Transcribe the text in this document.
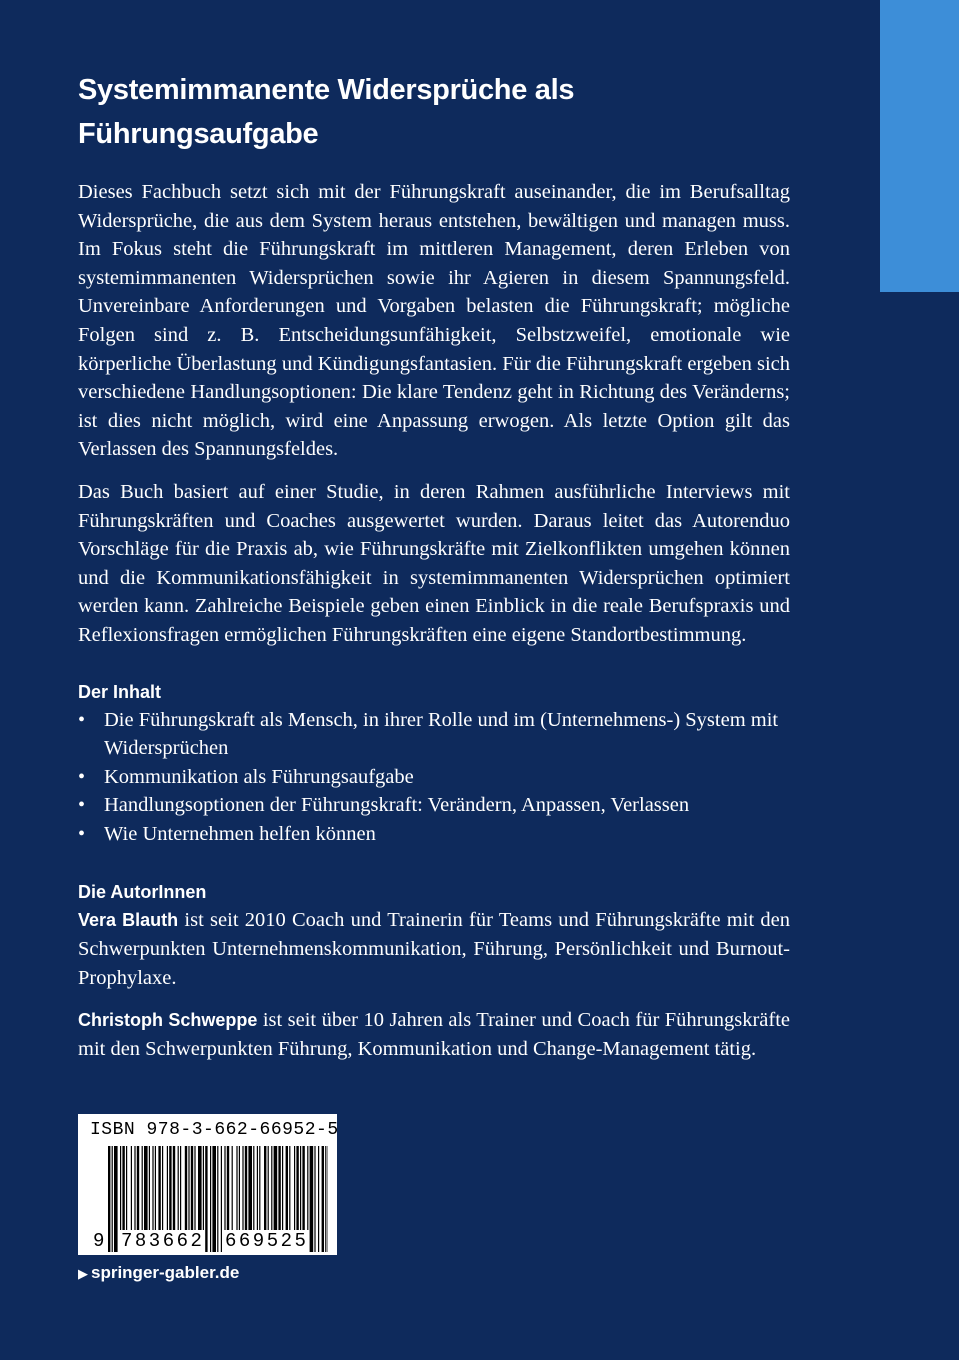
Systemimmanente Widersprüche als Führungsaufgabe

Dieses Fachbuch setzt sich mit der Führungskraft auseinander, die im Berufsalltag Widersprüche, die aus dem System heraus entstehen, bewältigen und managen muss. Im Fokus steht die Führungskraft im mittleren Management, deren Erleben von systemimmanenten Widersprüchen sowie ihr Agieren in diesem Spannungsfeld. Unvereinbare Anforderungen und Vorgaben belasten die Führungskraft; mögliche Folgen sind z. B. Entscheidungsunfähigkeit, Selbstzweifel, emotionale wie körperliche Überlastung und Kündigungsfantasien. Für die Führungskraft ergeben sich verschiedene Handlungsoptionen: Die klare Tendenz geht in Richtung des Veränderns; ist dies nicht möglich, wird eine Anpassung erwogen. Als letzte Option gilt das Verlassen des Spannungsfeldes.

Das Buch basiert auf einer Studie, in deren Rahmen ausführliche Interviews mit Führungskräften und Coaches ausgewertet wurden. Daraus leitet das Autorenduo Vorschläge für die Praxis ab, wie Führungskräfte mit Zielkonflikten umgehen können und die Kommunikationsfähigkeit in systemimmanenten Widersprüchen optimiert werden kann. Zahlreiche Beispiele geben einen Einblick in die reale Berufspraxis und Reflexionsfragen ermöglichen Führungskräften eine eigene Standortbestimmung.

Der Inhalt
• Die Führungskraft als Mensch, in ihrer Rolle und im (Unternehmens-) System mit Widersprüchen
• Kommunikation als Führungsaufgabe
• Handlungsoptionen der Führungskraft: Verändern, Anpassen, Verlassen
• Wie Unternehmen helfen können
Die AutorInnen

Vera Blauth ist seit 2010 Coach und Trainerin für Teams und Führungskräfte mit den Schwerpunkten Unternehmenskommunikation, Führung, Persönlichkeit und Burnout-Prophylaxe.

Christoph Schweppe ist seit über 10 Jahren als Trainer und Coach für Führungskräfte mit den Schwerpunkten Führung, Kommunikation und Change-Management tätig.

ISBN 978-3-662-66952-5
9 783662 669525
▶ springer-gabler.de
